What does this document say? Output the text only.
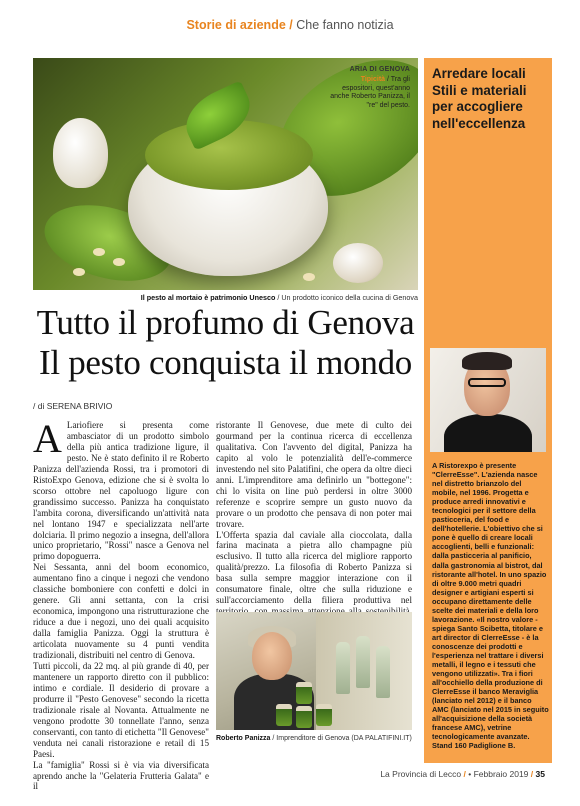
Storie di aziende / Che fanno notizia
ARIA DI GENOVA
Tipicità / Tra gli espositori, quest'anno anche Roberto Panizza, il "re" del pesto.
Il pesto al mortaio è patrimonio Unesco / Un prodotto iconico della cucina di Genova
Tutto il profumo di Genova
Il pesto conquista il mondo
/ di SERENA BRIVIO
A Lariofiere si presenta come ambasciator di un prodotto simbolo della più antica tradizione ligure, il pesto. Ne è stato definito il re Roberto Panizza dell'azienda Rossi, tra i promotori di RistoExpo Genova, edizione che si è svolta lo scorso ottobre nel capoluogo ligure con grandissimo successo. Panizza ha conquistato l'ambita corona, diversificando un'attività nata nel lontano 1947 e specializzata nell'arte dolciaria. Il primo negozio a insegna, dell'allora unico proprietario, "Rossi" nasce a Genova nel primo dopoguerra.

Nei Sessanta, anni del boom economico, aumentano fino a cinque i negozi che vendono classiche bomboniere con confetti e dolci in genere. Gli anni settanta, con la crisi economica, impongono una ristrutturazione che riduce a due i negozi, uno dei quali acquisito dalla famiglia Panizza. Oggi la struttura è articolata nuovamente su 4 punti vendita tradizionali, distribuiti nel centro di Genova.

Tutti piccoli, da 22 mq. al più grande di 40, per mantenere un rapporto diretto con il pubblico: intimo e cordiale. Il desiderio di provare a produrre il "Pesto Genovese" secondo la ricetta tradizionale risale al Novanta. Attualmente ne vengono prodotte 30 tonnellate l'anno, senza conservanti, con tanto di etichetta "Il Genovese" venduta nei canali ristorazione e retail di 15 Paesi.

La "famiglia" Rossi si è via via diversificata aprendo anche la "Gelateria Frutteria Galata" e il

ristorante Il Genovese, due mete di culto dei gourmand per la continua ricerca di eccellenza qualitativa. Con l'avvento del digital, Panizza ha capito al volo le potenzialità dell'e-commerce investendo nel sito Palatifini, che opera da oltre dieci anni. L'imprenditore ama definirlo un "bottegone": chi lo visita on line può perdersi in oltre 3000 referenze e scoprire sempre un gusto nuovo da provare o un prodotto che pensava di non poter mai trovare.

L'Offerta spazia dal caviale alla cioccolata, dalla farina macinata a pietra allo champagne più esclusivo. Il tutto alla ricerca del migliore rapporto qualità/prezzo. La filosofia di Roberto Panizza si basa sulla sempre maggior interazione con il consumatore finale, oltre che sulla riduzione e sull'accorciamento della filiera produttiva nel

Roberto Panizza / Imprenditore di Genova (DA PALATIFINI.IT)
Arredare locali
Stili e materiali
per accogliere
nell'eccellenza
A Ristorexpo è presente "ClerreEsse". L'azienda nasce nel distretto brianzolo del mobile, nel 1996. Progetta e produce arredi innovativi e tecnologici per il settore della pasticceria, del food e dell'hotellerie. L'obiettivo che si pone è quello di creare locali accoglienti, belli e funzionali: dalla pasticceria al panificio, dalla gastronomia al bistrot, dal ristorante all'hotel. In uno spazio di oltre 9.000 metri quadri designer e artigiani esperti si occupano direttamente delle scelte dei materiali e della loro lavorazione. «Il nostro valore - spiega Santo Scibetta, titolare e art director di ClerreEsse - è la conoscenze dei prodotti e l'esperienza nel trattare i diversi metalli, il legno e i tessuti che vengono utilizzati». Tra i fiori all'occhiello della produzione di ClerreEsse il banco Meraviglia (lanciato nel 2012) e il banco AMC (lanciato nel 2015 in seguito all'acquisizione della società francese AMC), vetrine tecnologicamente avanzate. Stand 160 Padiglione B.
La Provincia di Lecco / • Febbraio 2019 / 35
